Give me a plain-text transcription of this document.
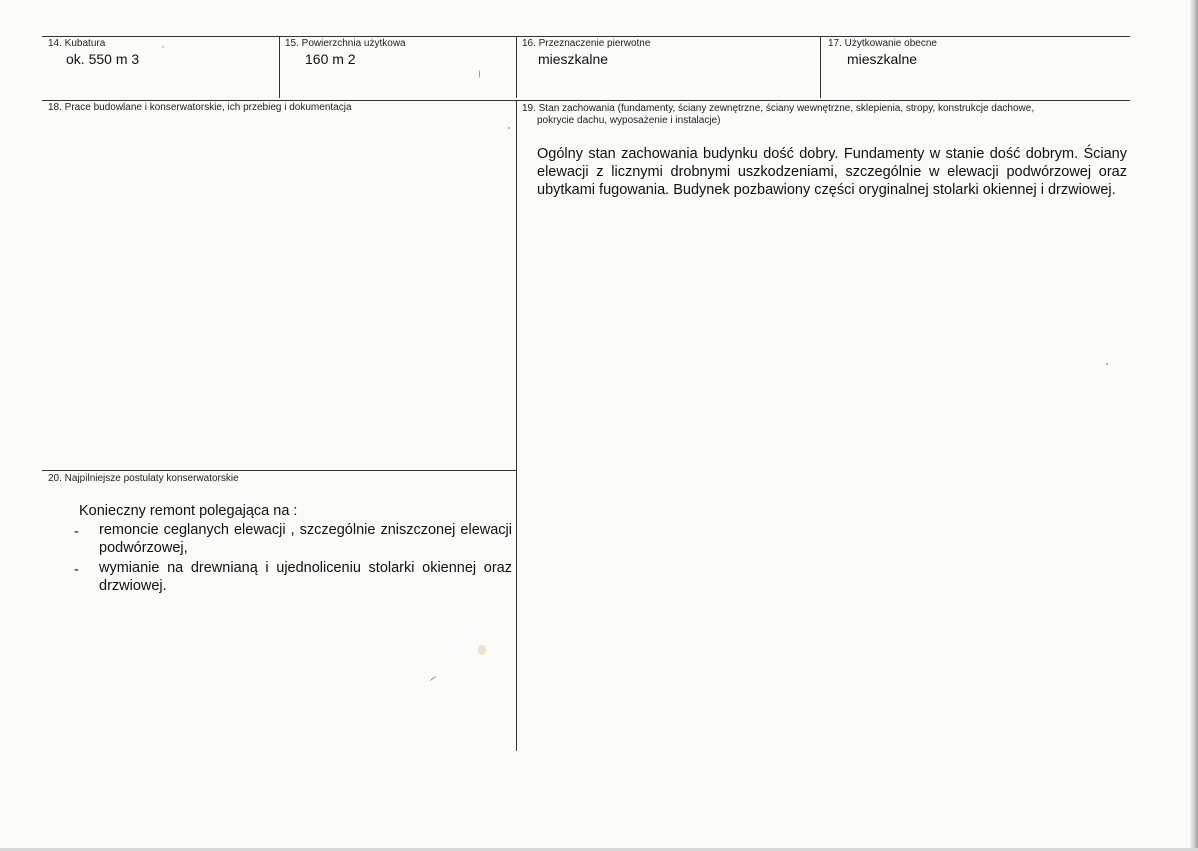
14. Kubatura
ok. 550 m 3
15. Powierzchnia użytkowa
160 m 2
16. Przeznaczenie pierwotne
mieszkalne
17. Użytkowanie obecne
mieszkalne
18. Prace budowlane i konserwatorskie, ich przebieg i dokumentacja	19. Stan zachowania (fundamenty, ściany zewnętrzne, ściany wewnętrzne, sklepienia, stropy, konstrukcje dachowe,
pokrycie dachu, wyposażenie i instalacje)
Ogólny stan zachowania budynku dość dobry. Fundamenty w stanie dość dobrym. Ściany elewacji z licznymi drobnymi uszkodzeniami, szczególnie w elewacji podwórzowej oraz ubytkami fugowania. Budynek pozbawiony części oryginalnej stolarki okiennej i drzwiowej.
20. Najpilniejsze postulaty konserwatorskie
Konieczny remont polegająca na :
- remoncie ceglanych elewacji , szczególnie zniszczonej elewacji podwórzowej,
- wymianie na drewnianą i ujednoliceniu stolarki okiennej oraz drzwiowej.
